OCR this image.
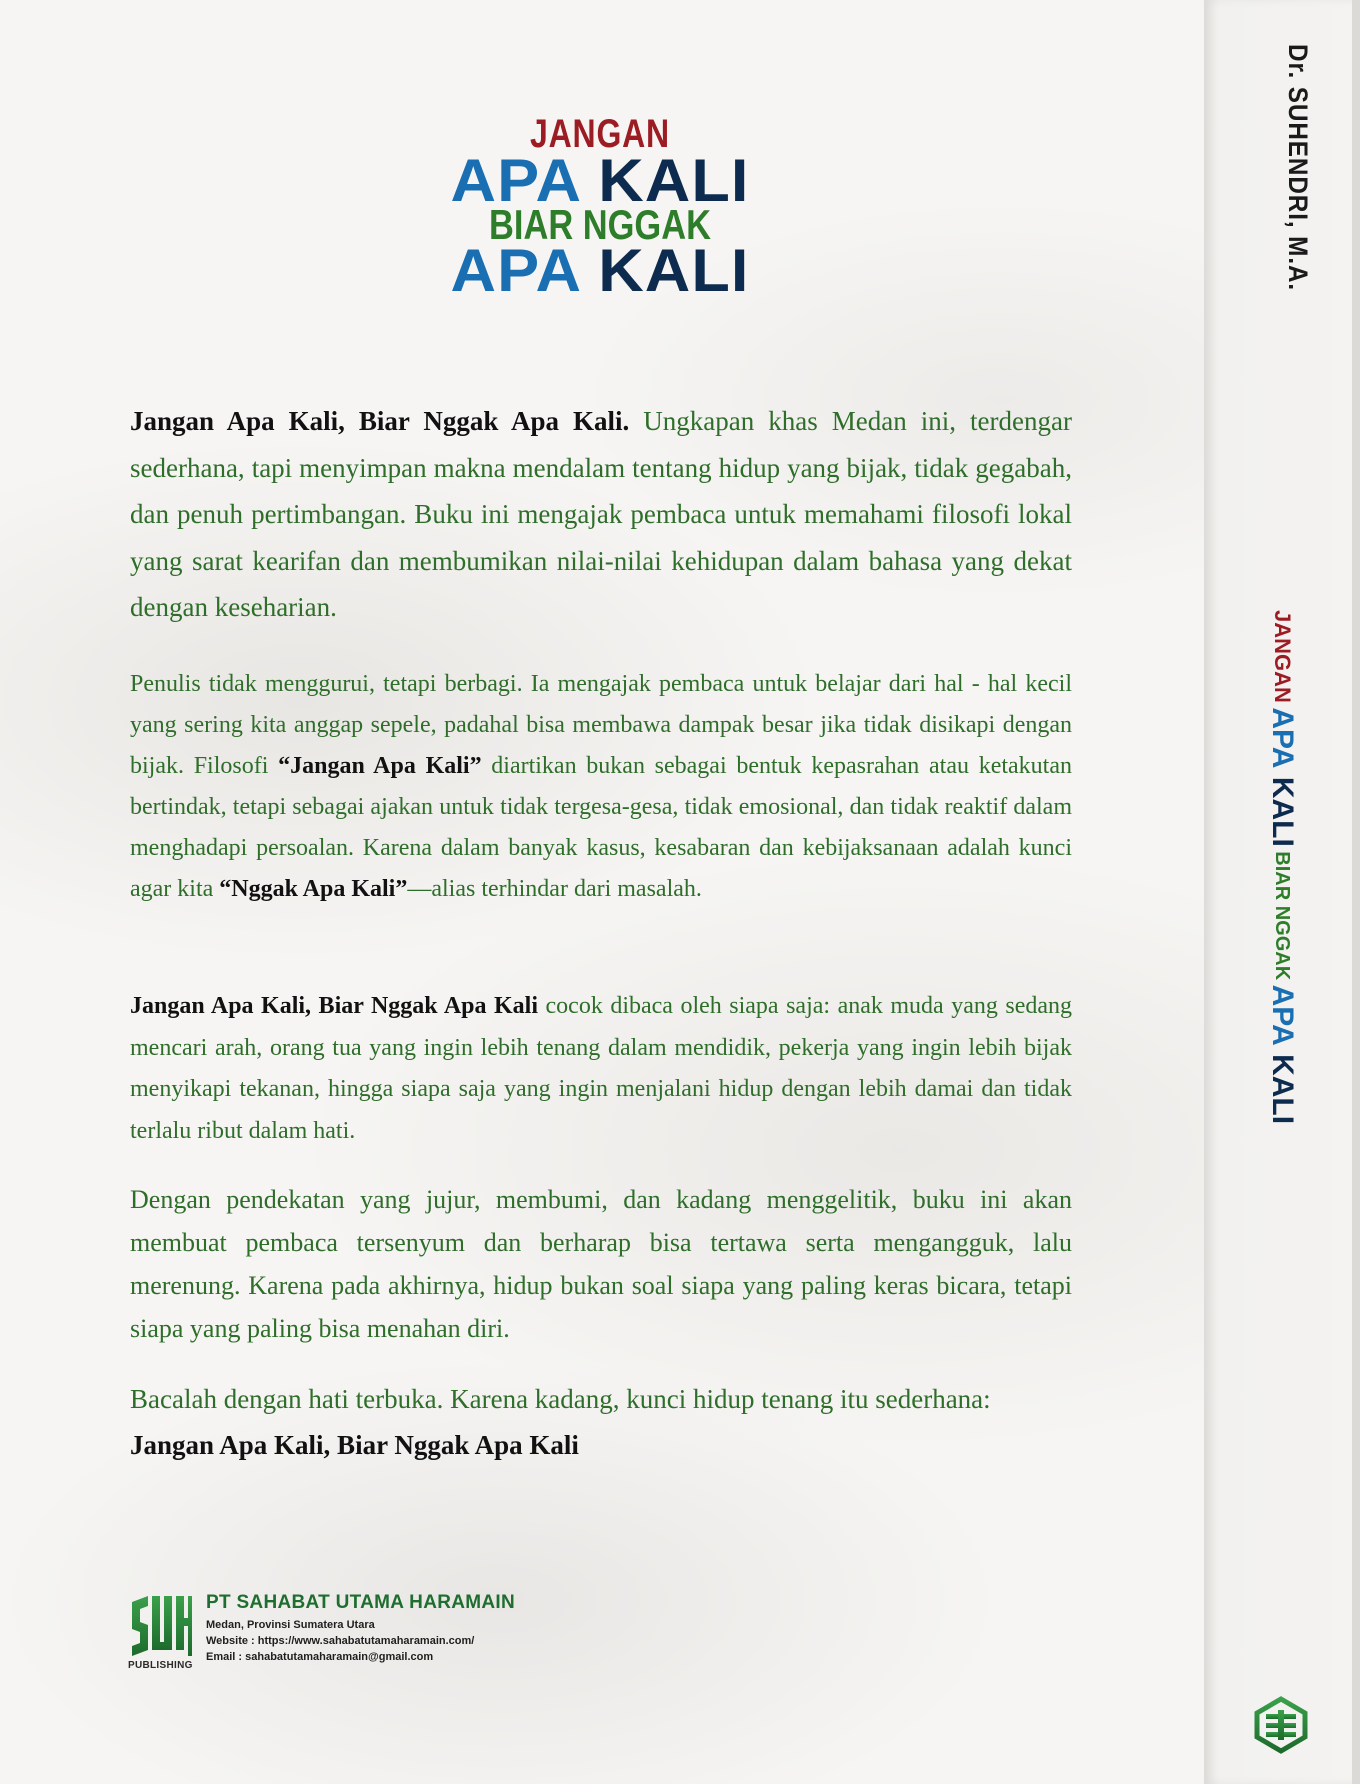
JANGAN
APA KALI
BIAR NGGAK
APA KALI
Jangan Apa Kali, Biar Nggak Apa Kali. Ungkapan khas Medan ini, terdengar sederhana, tapi menyimpan makna mendalam tentang hidup yang bijak, tidak gegabah, dan penuh pertimbangan. Buku ini mengajak pembaca untuk memahami filosofi lokal yang sarat kearifan dan membumikan nilai-nilai kehidupan dalam bahasa yang dekat dengan keseharian.
Penulis tidak menggurui, tetapi berbagi. Ia mengajak pembaca untuk belajar dari hal - hal kecil yang sering kita anggap sepele, padahal bisa membawa dampak besar jika tidak disikapi dengan bijak. Filosofi “Jangan Apa Kali” diartikan bukan sebagai bentuk kepasrahan atau ketakutan bertindak, tetapi sebagai ajakan untuk tidak tergesa-gesa, tidak emosional, dan tidak reaktif dalam menghadapi persoalan. Karena dalam banyak kasus, kesabaran dan kebijaksanaan adalah kunci agar kita “Nggak Apa Kali”—alias terhindar dari masalah.
Jangan Apa Kali, Biar Nggak Apa Kali cocok dibaca oleh siapa saja: anak muda yang sedang mencari arah, orang tua yang ingin lebih tenang dalam mendidik, pekerja yang ingin lebih bijak menyikapi tekanan, hingga siapa saja yang ingin menjalani hidup dengan lebih damai dan tidak terlalu ribut dalam hati.
Dengan pendekatan yang jujur, membumi, dan kadang menggelitik, buku ini akan membuat pembaca tersenyum dan berharap bisa tertawa serta mengangguk, lalu merenung. Karena pada akhirnya, hidup bukan soal siapa yang paling keras bicara, tetapi siapa yang paling bisa menahan diri.
Bacalah dengan hati terbuka. Karena kadang, kunci hidup tenang itu sederhana:
Jangan Apa Kali, Biar Nggak Apa Kali
PUBLISHING
PT SAHABAT UTAMA HARAMAIN
Medan, Provinsi Sumatera Utara
Website : https://www.sahabatutamaharamain.com/
Email : sahabatutamaharamain@gmail.com
Dr. SUHENDRI, M.A.
JANGAN APA KALI BIAR NGGAK APA KALI
